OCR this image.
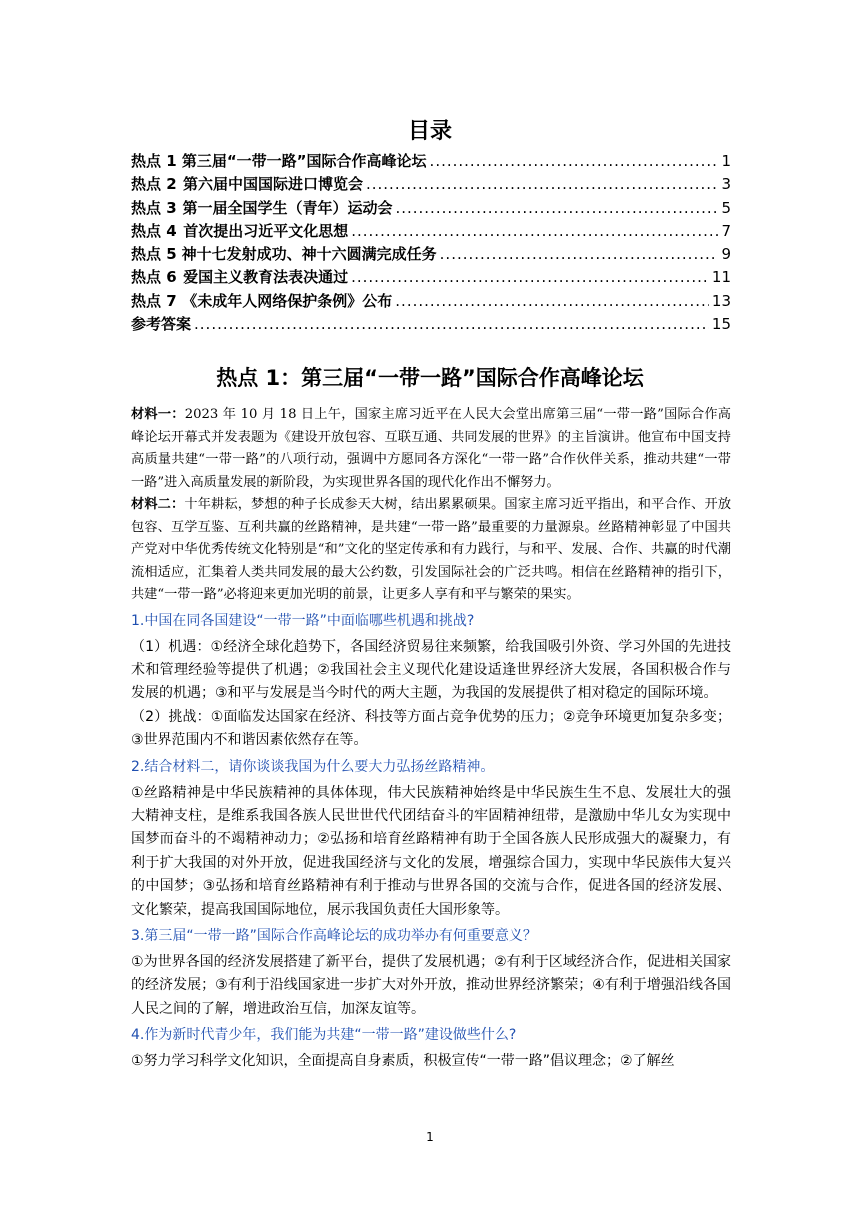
目录
热点 1 第三届“一带一路”国际合作高峰论坛 .....	1
热点 2 第六届中国国际进口博览会 .....	3
热点 3 第一届全国学生（青年）运动会 .....	5
热点 4 首次提出习近平文化思想 .....	7
热点 5 神十七发射成功、神十六圆满完成任务 .....	9
热点 6 爱国主义教育法表决通过 .....	11
热点 7 《未成年人网络保护条例》公布 .....	13
参考答案 .....	15
热点 1：第三届“一带一路”国际合作高峰论坛

材料一：2023 年 10 月 18 日上午，国家主席习近平在人民大会堂出席第三届“一带一路”国际合作高峰论坛开幕式并发表题为《建设开放包容、互联互通、共同发展的世界》的主旨演讲。他宣布中国支持高质量共建“一带一路”的八项行动，强调中方愿同各方深化“一带一路”合作伙伴关系，推动共建“一带一路”进入高质量发展的新阶段，为实现世界各国的现代化作出不懈努力。

材料二：十年耕耘，梦想的种子长成参天大树，结出累累硕果。国家主席习近平指出，和平合作、开放包容、互学互鉴、互利共赢的丝路精神，是共建“一带一路”最重要的力量源泉。丝路精神彰显了中国共产党对中华优秀传统文化特别是“和”文化的坚定传承和有力践行，与和平、发展、合作、共赢的时代潮流相适应，汇集着人类共同发展的最大公约数，引发国际社会的广泛共鸣。相信在丝路精神的指引下，共建“一带一路”必将迎来更加光明的前景，让更多人享有和平与繁荣的果实。

1.中国在同各国建设“一带一路”中面临哪些机遇和挑战?

（1）机遇：①经济全球化趋势下，各国经济贸易往来频繁，给我国吸引外资、学习外国的先进技术和管理经验等提供了机遇；②我国社会主义现代化建设适逢世界经济大发展，各国积极合作与发展的机遇；③和平与发展是当今时代的两大主题，为我国的发展提供了相对稳定的国际环境。

（2）挑战：①面临发达国家在经济、科技等方面占竞争优势的压力；②竞争环境更加复杂多变；③世界范围内不和谐因素依然存在等。

2.结合材料二，请你谈谈我国为什么要大力弘扬丝路精神。

①丝路精神是中华民族精神的具体体现，伟大民族精神始终是中华民族生生不息、发展壮大的强大精神支柱，是维系我国各族人民世世代代团结奋斗的牢固精神纽带，是激励中华儿女为实现中国梦而奋斗的不竭精神动力；②弘扬和培育丝路精神有助于全国各族人民形成强大的凝聚力，有利于扩大我国的对外开放，促进我国经济与文化的发展，增强综合国力，实现中华民族伟大复兴的中国梦；③弘扬和培育丝路精神有利于推动与世界各国的交流与合作，促进各国的经济发展、文化繁荣，提高我国国际地位，展示我国负责任大国形象等。

3.第三届“一带一路”国际合作高峰论坛的成功举办有何重要意义？

①为世界各国的经济发展搭建了新平台，提供了发展机遇；②有利于区域经济合作，促进相关国家的经济发展；③有利于沿线国家进一步扩大对外开放，推动世界经济繁荣；④有利于增强沿线各国人民之间的了解，增进政治互信，加深友谊等。

4.作为新时代青少年，我们能为共建“一带一路”建设做些什么?

①努力学习科学文化知识，全面提高自身素质，积极宣传“一带一路”倡议理念；②了解丝

1
